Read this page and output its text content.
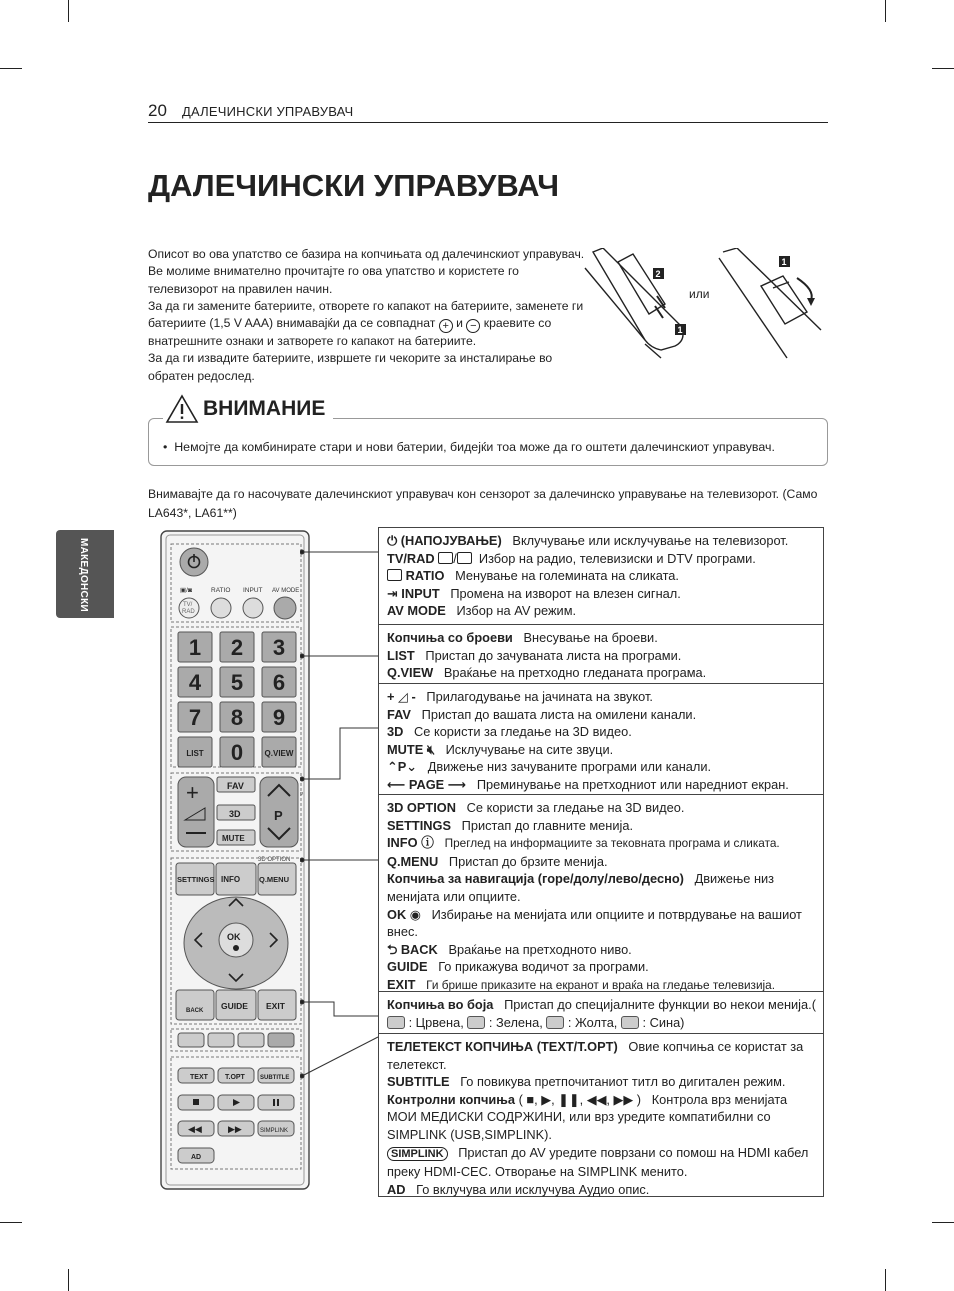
20 ДАЛЕЧИНСКИ УПРАВУВАЧ
ДАЛЕЧИНСКИ УПРАВУВАЧ
МАКЕДОНСКИ

Описот во ова упатство се базира на копчињата од далечинскиот управувач. Ве молиме внимателно прочитајте го ова упатство и користете го телевизорот на правилен начин.

За да ги замените батериите, отворете го капакот на батериите, заменете ги батериите (1,5 V AAA) внимавајќи да се совпаднат + и − краевите со внатрешните ознаки и затворете го капакот на батериите.

За да ги извадите батериите, извршете ги чекорите за инсталирање во обратен редослед.

2
1
1
или
ВНИМАНИЕ
• Немојте да комбинирате стари и нови батерии, бидејќи тоа може да го оштети далечинскиот управувач.
Внимавајте да го насочувате далечинскиот управувач кон сензорот за далечинско управување на телевизорот. (Само LA643*, LA61**)
▣/◙	RATIO INPUT AV MODE
TV/
RAD
1 2 3
4 5 6
7 8 9
LIST 0	Q.VIEW
+	FAV
3D
MUTE
P
P
3D OPTION
SETTINGS INFO	Q.MENU
OK
BACK GUIDE EXIT
TEXT T.OPT	SUBTITLE
◀◀	▶▶	SIMPLINK
AD
⏻ (НАПОЈУВАЊЕ) Вклучување или исклучување на телевизорот.
TV/RAD / Избор на радио, телевизиски и DTV програми.
RATIO Менување на големината на сликата.
⇥ INPUT Промена на изворот на влезен сигнал.
AV MODE Избор на AV режим.
Копчиња со броеви Внесување на броеви.
LIST Пристап до зачуваната листа на програми.
Q.VIEW Враќање на претходно гледаната програма.
+ ◿ - Прилагодување на јачината на звукот.
FAV Пристап до вашата листа на омилени канали.
3D Се користи за гледање на 3D видео.
MUTE 🔇︎ Исклучување на сите звуци.
⌃P⌄ Движење низ зачуваните програми или канали.
⟵ PAGE ⟶ Преминување на претходниот или наредниот екран.
3D OPTION Се користи за гледање на 3D видео.
SETTINGS Пристап до главните менија.
INFO ⓘ Преглед на информациите за тековната програма и сликата.
Q.MENU Пристап до брзите менија.
Копчиња за навигација (горе/долу/лево/десно) Движење низ менијата или опциите.
OK ◉ Избирање на менијата или опциите и потврдување на вашиот внес.
⮌ BACK Враќање на претходното ниво.
GUIDE Го прикажува водичот за програми.
EXIT Ги брише приказите на екранот и враќа на гледање телевизија.
Копчиња во боја Пристап до специјалните функции во некои менија.( : Црвена, : Зелена, : Жолта, : Сина)
ТЕЛЕТЕКСТ КОПЧИЊА (TEXT/T.OPT) Овие копчиња се користат за телетекст.
SUBTITLE Го повикува претпочитаниот титл во дигитален режим.
Контролни копчиња ( ■, ▶, ❚❚, ◀◀, ▶▶ ) Контрола врз менијата МОИ МЕДИСКИ СОДРЖИНИ, или врз уредите компатибилни со SIMPLINK (USB,SIMPLINK).
SIMPLINK Пристап до AV уредите поврзани со помош на HDMI кабел преку HDMI-CEC. Отворање на SIMPLINK менито.
AD Го вклучува или исклучува Аудио опис.
